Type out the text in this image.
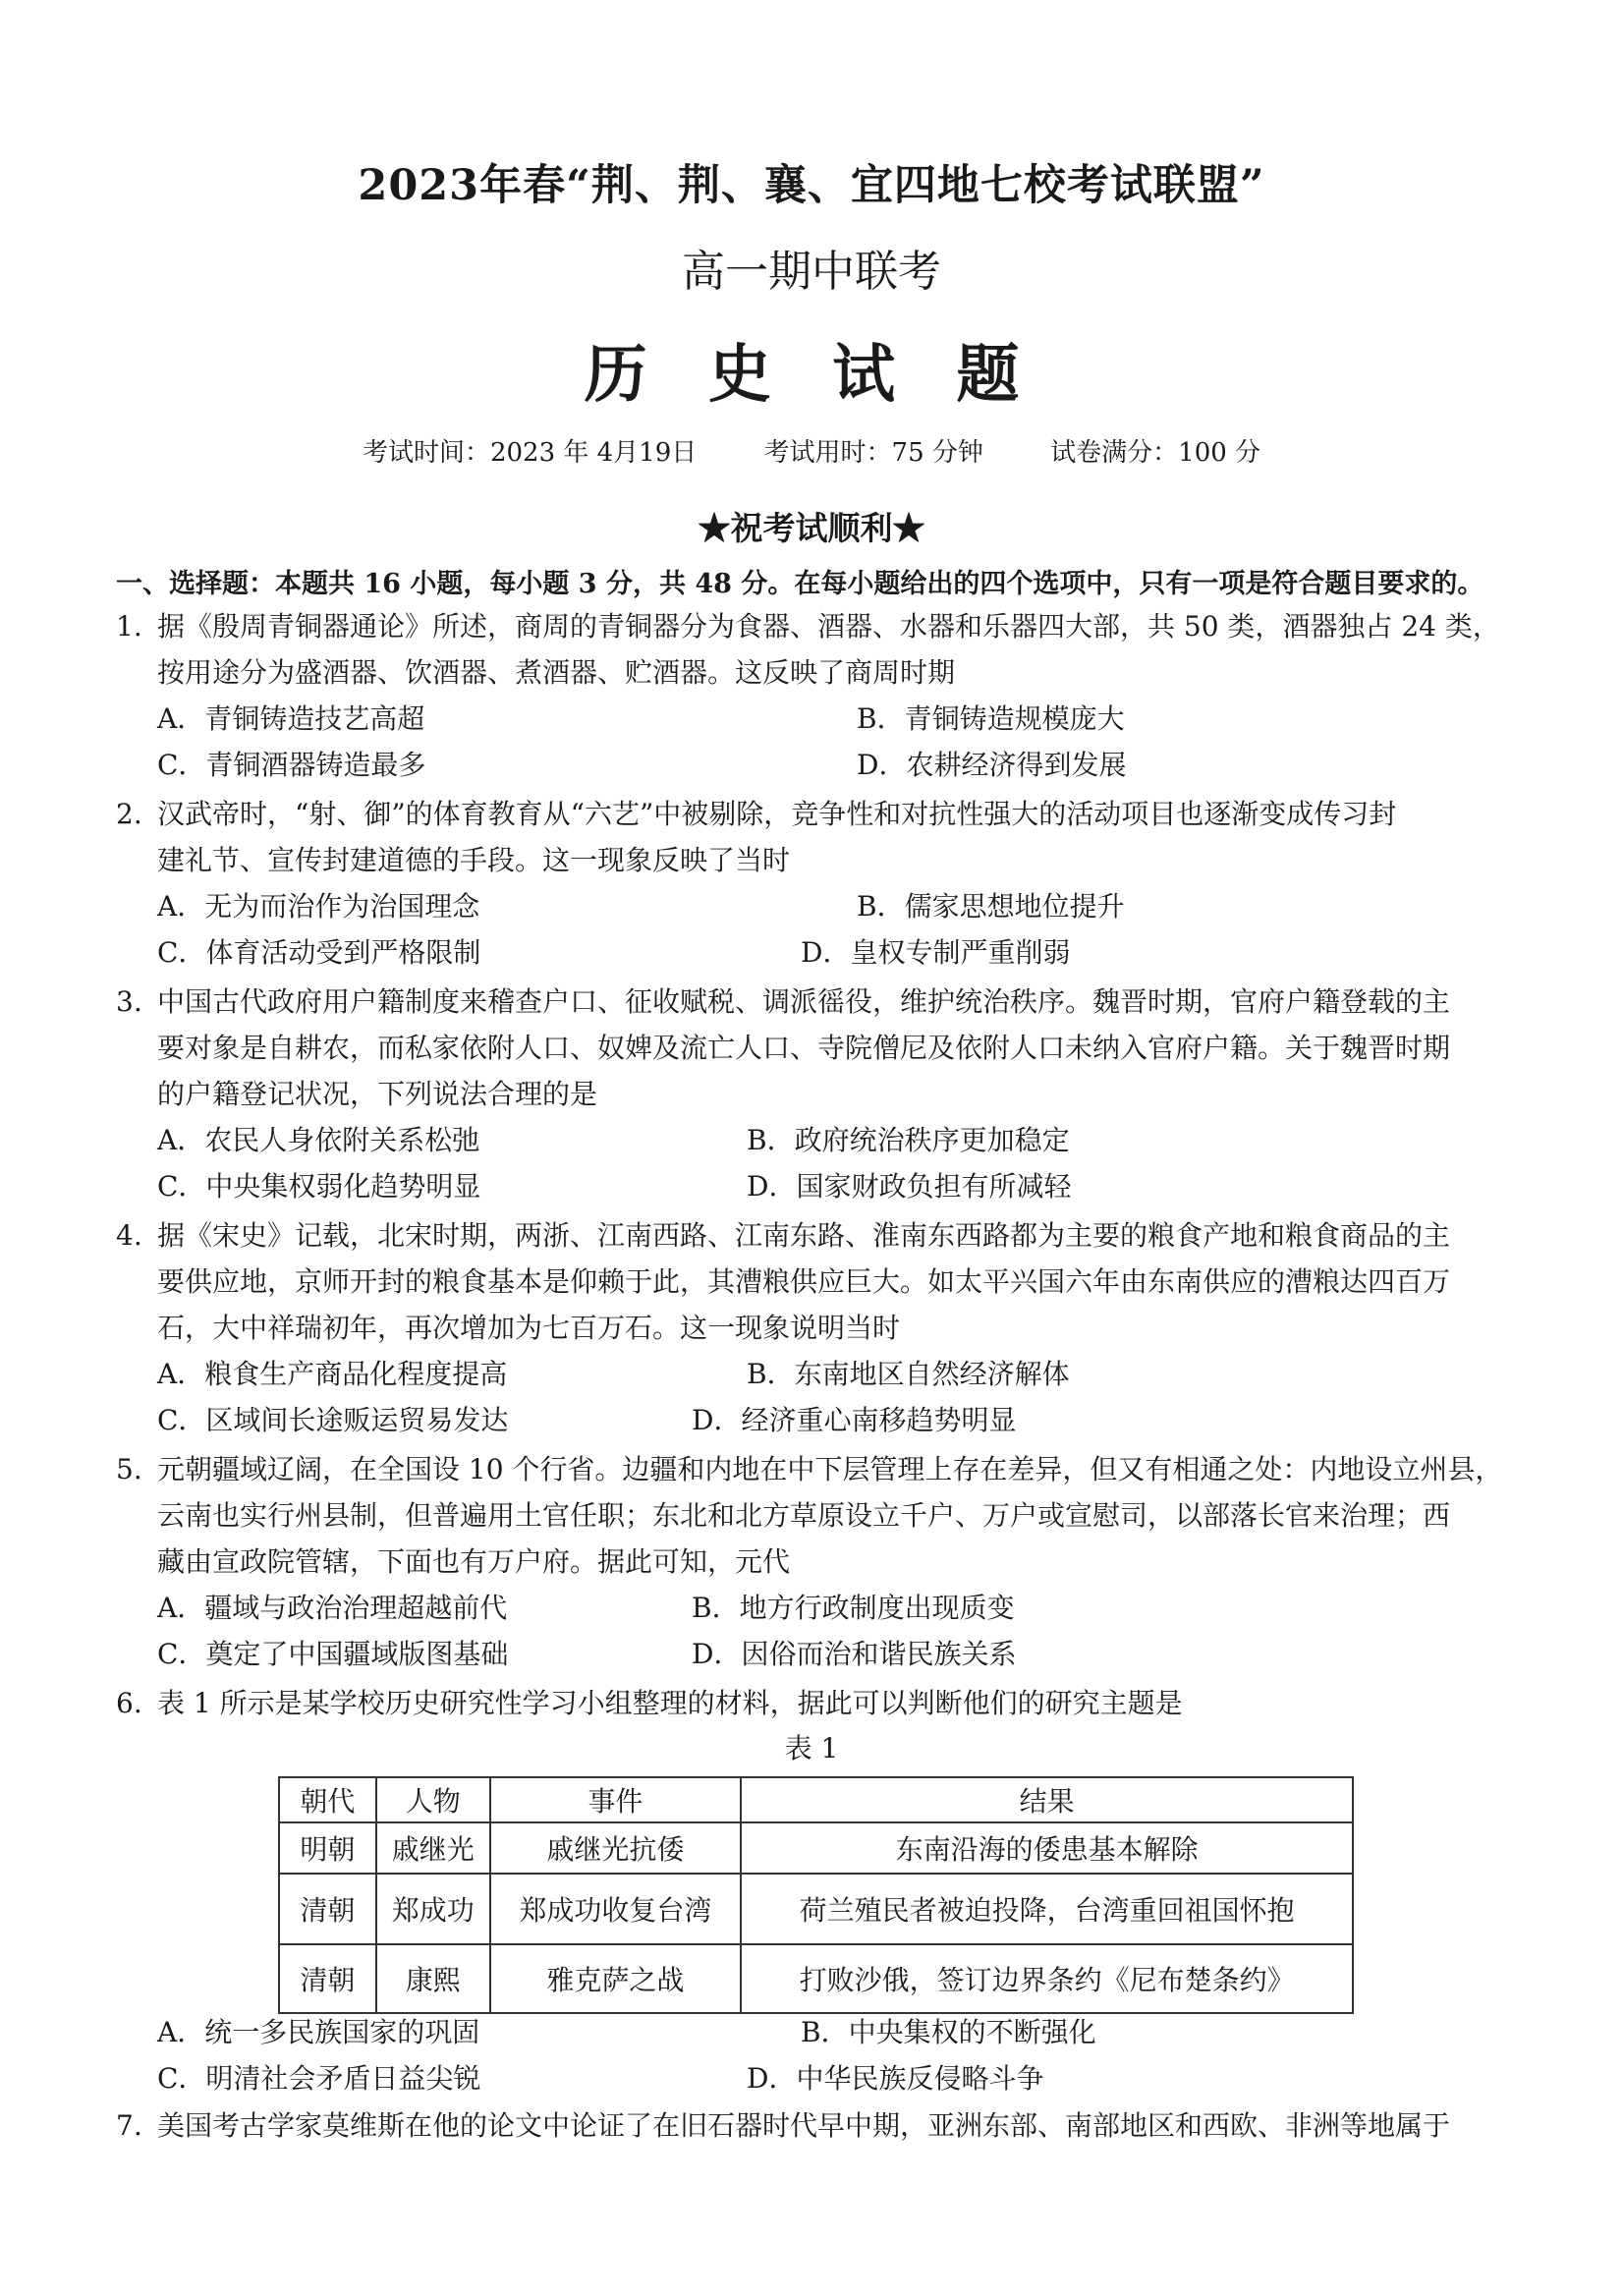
2023年春“荆、荆、襄、宜四地七校考试联盟”
高一期中联考
历 史 试 题
考试时间：2023 年 4月19日	考试用时：75 分钟	试卷满分：100 分
★祝考试顺利★
一、选择题：本题共 16 小题，每小题 3 分，共 48 分。在每小题给出的四个选项中，只有一项是符合题目要求的。
1. 据《殷周青铜器通论》所述，商周的青铜器分为食器、酒器、水器和乐器四大部，共 50 类，酒器独占 24 类，
按用途分为盛酒器、饮酒器、煮酒器、贮酒器。这反映了商周时期
A．青铜铸造技艺高超	B．青铜铸造规模庞大
C．青铜酒器铸造最多	D．农耕经济得到发展
2. 汉武帝时，“射、御”的体育教育从“六艺”中被剔除，竞争性和对抗性强大的活动项目也逐渐变成传习封
建礼节、宣传封建道德的手段。这一现象反映了当时
A．无为而治作为治国理念	B．儒家思想地位提升
C．体育活动受到严格限制	D．皇权专制严重削弱
3. 中国古代政府用户籍制度来稽查户口、征收赋税、调派徭役，维护统治秩序。魏晋时期，官府户籍登载的主
要对象是自耕农，而私家依附人口、奴婢及流亡人口、寺院僧尼及依附人口未纳入官府户籍。关于魏晋时期
的户籍登记状况，下列说法合理的是
A．农民人身依附关系松弛	B．政府统治秩序更加稳定
C．中央集权弱化趋势明显	D．国家财政负担有所减轻
4. 据《宋史》记载，北宋时期，两浙、江南西路、江南东路、淮南东西路都为主要的粮食产地和粮食商品的主
要供应地，京师开封的粮食基本是仰赖于此，其漕粮供应巨大。如太平兴国六年由东南供应的漕粮达四百万
石，大中祥瑞初年，再次增加为七百万石。这一现象说明当时
A．粮食生产商品化程度提高	B．东南地区自然经济解体
C．区域间长途贩运贸易发达	D．经济重心南移趋势明显
5. 元朝疆域辽阔，在全国设 10 个行省。边疆和内地在中下层管理上存在差异，但又有相通之处：内地设立州县，
云南也实行州县制，但普遍用土官任职；东北和北方草原设立千户、万户或宣慰司，以部落长官来治理；西
藏由宣政院管辖，下面也有万户府。据此可知，元代
A．疆域与政治治理超越前代	B．地方行政制度出现质变
C．奠定了中国疆域版图基础	D．因俗而治和谐民族关系
6. 表 1 所示是某学校历史研究性学习小组整理的材料，据此可以判断他们的研究主题是
表 1
朝代	人物	事件	结果
明朝	戚继光	戚继光抗倭	东南沿海的倭患基本解除
清朝	郑成功	郑成功收复台湾	荷兰殖民者被迫投降，台湾重回祖国怀抱
清朝	康熙	雅克萨之战	打败沙俄，签订边界条约《尼布楚条约》
A．统一多民族国家的巩固	B．中央集权的不断强化
C．明清社会矛盾日益尖锐	D．中华民族反侵略斗争
7. 美国考古学家莫维斯在他的论文中论证了在旧石器时代早中期，亚洲东部、南部地区和西欧、非洲等地属于
